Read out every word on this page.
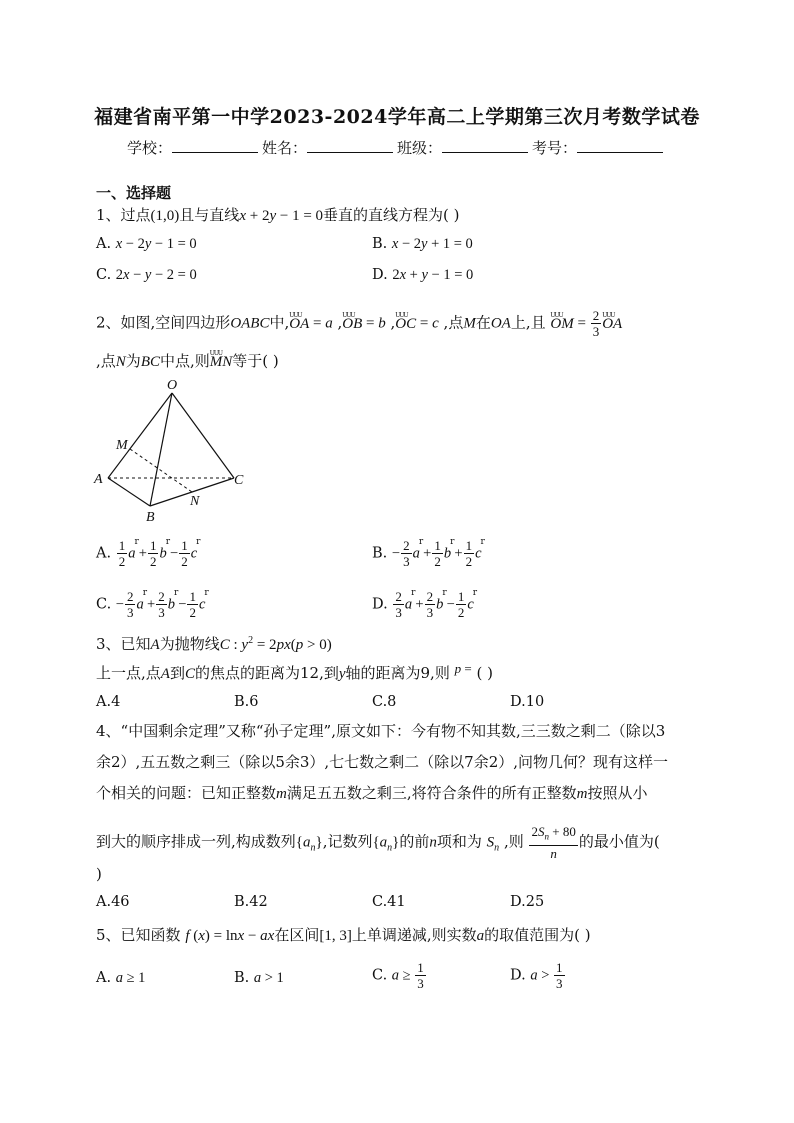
福建省南平第一中学2023-2024学年高二上学期第三次月考数学试卷
学校：	姓名：	班级：	考号：
一、选择题
1、过点(1,0)且与直线x + 2y − 1 = 0垂直的直线方程为( )
A. x − 2y − 1 = 0	B. x − 2y + 1 = 0
C. 2x − y − 2 = 0	D. 2x + y − 1 = 0
2、如图,空间四边形OABC中,UUU OA = a ,UUU OB = b ,UUU OC = c ,点M在OA上,且 UUU OM = $\frac{2}{3}$
UUU OA
,点N为BC中点,则UUU MN等于( )
O
M
A
B
N
C
A. $\frac{1}{2} a^r+ \frac{1}{2} b^r- \frac{1}{2} c^r$
B. − $\frac{2}{3} a^r+ \frac{1}{2} b^r+ \frac{1}{2} c^r$
C. − $\frac{2}{3} a^r+ \frac{2}{3} b^r- \frac{1}{2} c^r$
D. $\frac{2}{3} a^r+ \frac{2}{3} b^r- \frac{1}{2} c^r$
3、已知A为抛物线C : $y^2 = 2px(p > 0)$
上一点,点A到C的焦点的距离为12,到y轴的距离为9,则 p = ( )
A.4	B.6	C.8	D.10
4、“中国剩余定理”又称“孙子定理”,原文如下：今有物不知其数,三三数之剩二（除以3
余2）,五五数之剩三（除以5余3）,七七数之剩二（除以7余2）,问物几何？现有这样一
个相关的问题：已知正整数m满足五五数之剩三,将符合条件的所有正整数m按照从小
到大的顺序排成一列,构成数列$\{a_n\}$,记数列$\{a_n\}$的前n项和为 $S_n$ ,则 $\frac{2S_n + 80}{n}$ 的最小值为(
)
A.46	B.42	C.41	D.25
5、已知函数 f (x) = lnx − ax在区间[1, 3]上单调递减,则实数a的取值范围为( )
A. a ≥ 1	B. a > 1	C. $a \ge \frac{1}{3}$	D. $a > \frac{1}{3}$
